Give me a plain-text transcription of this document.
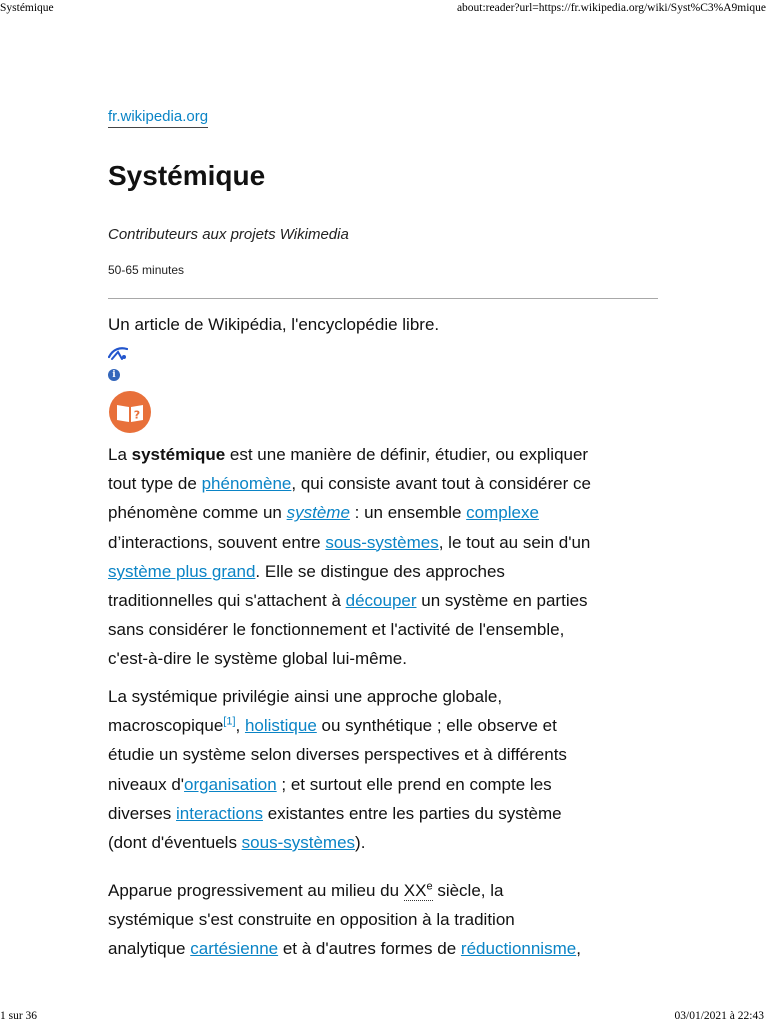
Systémique	about:reader?url=https://fr.wikipedia.org/wiki/Syst%C3%A9mique
fr.wikipedia.org
Systémique
Contributeurs aux projets Wikimedia
50-65 minutes
Un article de Wikipédia, l'encyclopédie libre.
i
?

La systémique est une manière de définir, étudier, ou expliquer

tout type de phénomène, qui consiste avant tout à considérer ce

phénomène comme un système : un ensemble complexe

d’interactions, souvent entre sous-systèmes, le tout au sein d'un

système plus grand. Elle se distingue des approches

traditionnelles qui s'attachent à découper un système en parties

sans considérer le fonctionnement et l'activité de l'ensemble,

c'est-à-dire le système global lui-même.

La systémique privilégie ainsi une approche globale,

macroscopique[1], holistique ou synthétique ; elle observe et

étudie un système selon diverses perspectives et à différents

niveaux d'organisation ; et surtout elle prend en compte les

diverses interactions existantes entre les parties du système

(dont d'éventuels sous-systèmes).

Apparue progressivement au milieu du XXe siècle, la

systémique s'est construite en opposition à la tradition

analytique cartésienne et à d'autres formes de réductionnisme,

1 sur 36	03/01/2021 à 22:43
